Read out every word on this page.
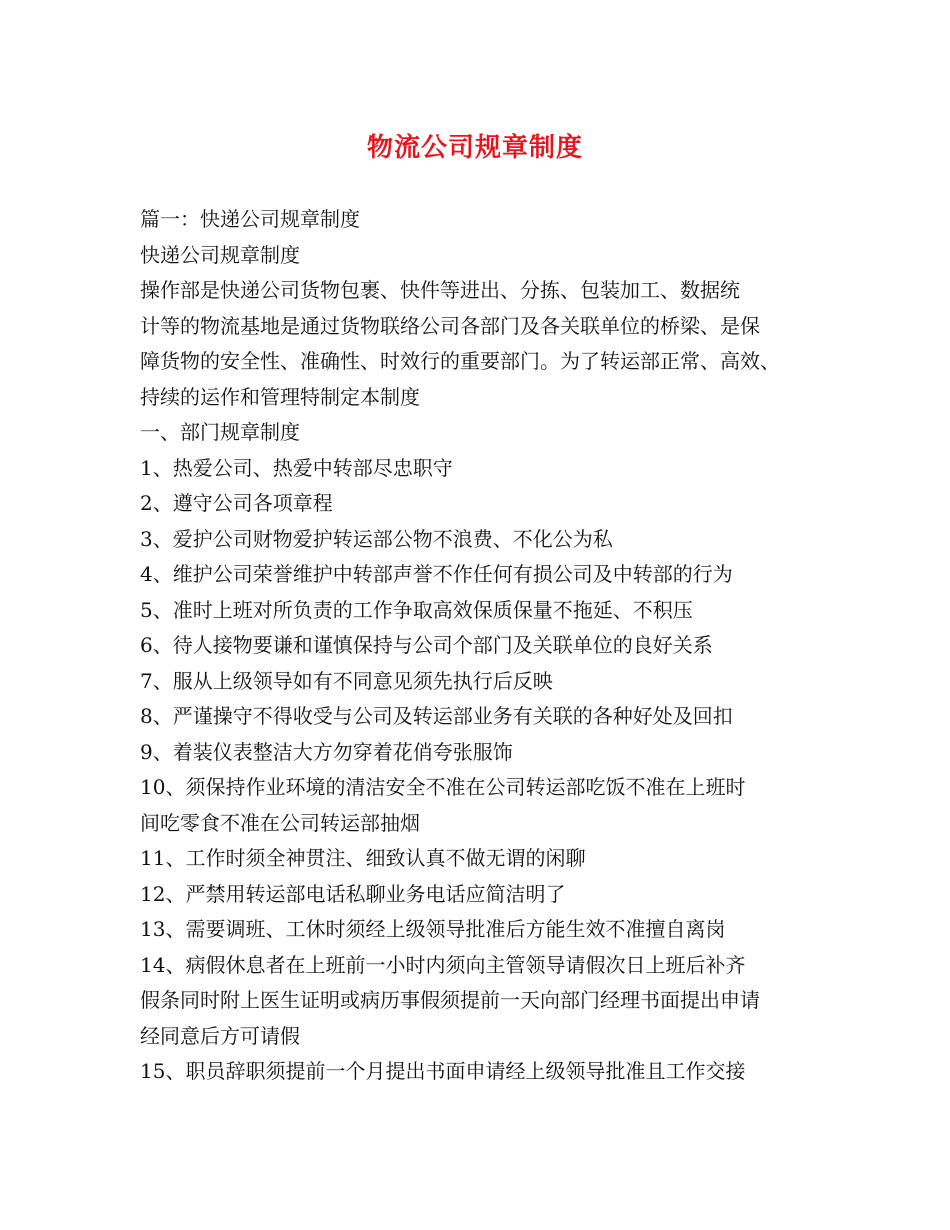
物流公司规章制度

篇一：快递公司规章制度

快递公司规章制度

操作部是快递公司货物包裹、快件等进出、分拣、包装加工、数据统

计等的物流基地是通过货物联络公司各部门及各关联单位的桥梁、是保

障货物的安全性、准确性、时效行的重要部门。为了转运部正常、高效、

持续的运作和管理特制定本制度

一、部门规章制度

1、热爱公司、热爱中转部尽忠职守

2、遵守公司各项章程

3、爱护公司财物爱护转运部公物不浪费、不化公为私

4、维护公司荣誉维护中转部声誉不作任何有损公司及中转部的行为

5、准时上班对所负责的工作争取高效保质保量不拖延、不积压

6、待人接物要谦和谨慎保持与公司个部门及关联单位的良好关系

7、服从上级领导如有不同意见须先执行后反映

8、严谨操守不得收受与公司及转运部业务有关联的各种好处及回扣

9、着装仪表整洁大方勿穿着花俏夸张服饰

10、须保持作业环境的清洁安全不准在公司转运部吃饭不准在上班时

间吃零食不准在公司转运部抽烟

11、工作时须全神贯注、细致认真不做无谓的闲聊

12、严禁用转运部电话私聊业务电话应简洁明了

13、需要调班、工休时须经上级领导批准后方能生效不准擅自离岗

14、病假休息者在上班前一小时内须向主管领导请假次日上班后补齐

假条同时附上医生证明或病历事假须提前一天向部门经理书面提出申请

经同意后方可请假

15、职员辞职须提前一个月提出书面申请经上级领导批准且工作交接
